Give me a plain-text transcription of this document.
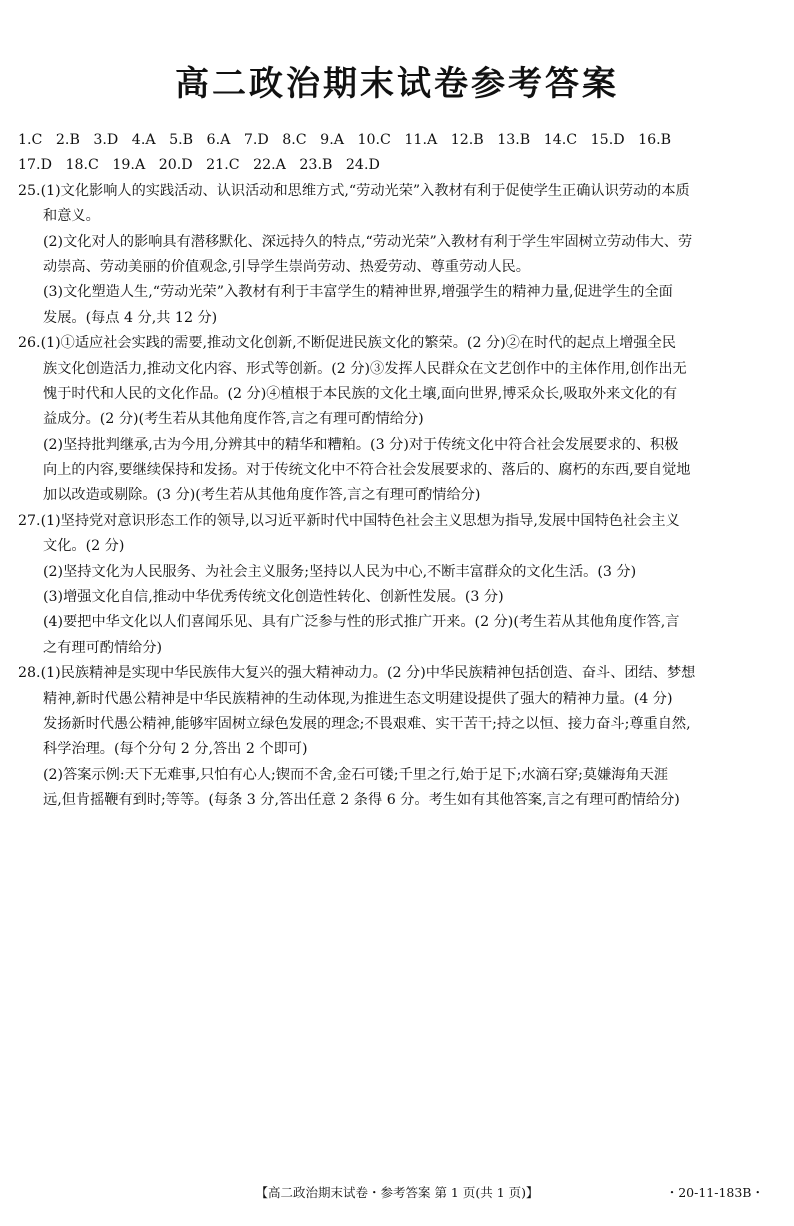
高二政治期末试卷参考答案
1.C 2.B 3.D 4.A 5.B 6.A 7.D 8.C 9.A 10.C 11.A 12.B 13.B 14.C 15.D 16.B
17.D 18.C 19.A 20.D 21.C 22.A 23.B 24.D
25.(1)文化影响人的实践活动、认识活动和思维方式,“劳动光荣”入教材有利于促使学生正确认识劳动的本质
和意义。
(2)文化对人的影响具有潜移默化、深远持久的特点,“劳动光荣”入教材有利于学生牢固树立劳动伟大、劳
动崇高、劳动美丽的价值观念,引导学生崇尚劳动、热爱劳动、尊重劳动人民。
(3)文化塑造人生,“劳动光荣”入教材有利于丰富学生的精神世界,增强学生的精神力量,促进学生的全面
发展。(每点 4 分,共 12 分)
26.(1)①适应社会实践的需要,推动文化创新,不断促进民族文化的繁荣。(2 分)②在时代的起点上增强全民
族文化创造活力,推动文化内容、形式等创新。(2 分)③发挥人民群众在文艺创作中的主体作用,创作出无
愧于时代和人民的文化作品。(2 分)④植根于本民族的文化土壤,面向世界,博采众长,吸取外来文化的有
益成分。(2 分)(考生若从其他角度作答,言之有理可酌情给分)
(2)坚持批判继承,古为今用,分辨其中的精华和糟粕。(3 分)对于传统文化中符合社会发展要求的、积极
向上的内容,要继续保持和发扬。对于传统文化中不符合社会发展要求的、落后的、腐朽的东西,要自觉地
加以改造或剔除。(3 分)(考生若从其他角度作答,言之有理可酌情给分)
27.(1)坚持党对意识形态工作的领导,以习近平新时代中国特色社会主义思想为指导,发展中国特色社会主义
文化。(2 分)
(2)坚持文化为人民服务、为社会主义服务;坚持以人民为中心,不断丰富群众的文化生活。(3 分)
(3)增强文化自信,推动中华优秀传统文化创造性转化、创新性发展。(3 分)
(4)要把中华文化以人们喜闻乐见、具有广泛参与性的形式推广开来。(2 分)(考生若从其他角度作答,言
之有理可酌情给分)
28.(1)民族精神是实现中华民族伟大复兴的强大精神动力。(2 分)中华民族精神包括创造、奋斗、团结、梦想
精神,新时代愚公精神是中华民族精神的生动体现,为推进生态文明建设提供了强大的精神力量。(4 分)
发扬新时代愚公精神,能够牢固树立绿色发展的理念;不畏艰难、实干苦干;持之以恒、接力奋斗;尊重自然,
科学治理。(每个分句 2 分,答出 2 个即可)
(2)答案示例:天下无难事,只怕有心人;锲而不舍,金石可镂;千里之行,始于足下;水滴石穿;莫嫌海角天涯
远,但肯摇鞭有到时;等等。(每条 3 分,答出任意 2 条得 6 分。考生如有其他答案,言之有理可酌情给分)
【高二政治期末试卷・参考答案 第 1 页(共 1 页)】	・20-11-183B・
